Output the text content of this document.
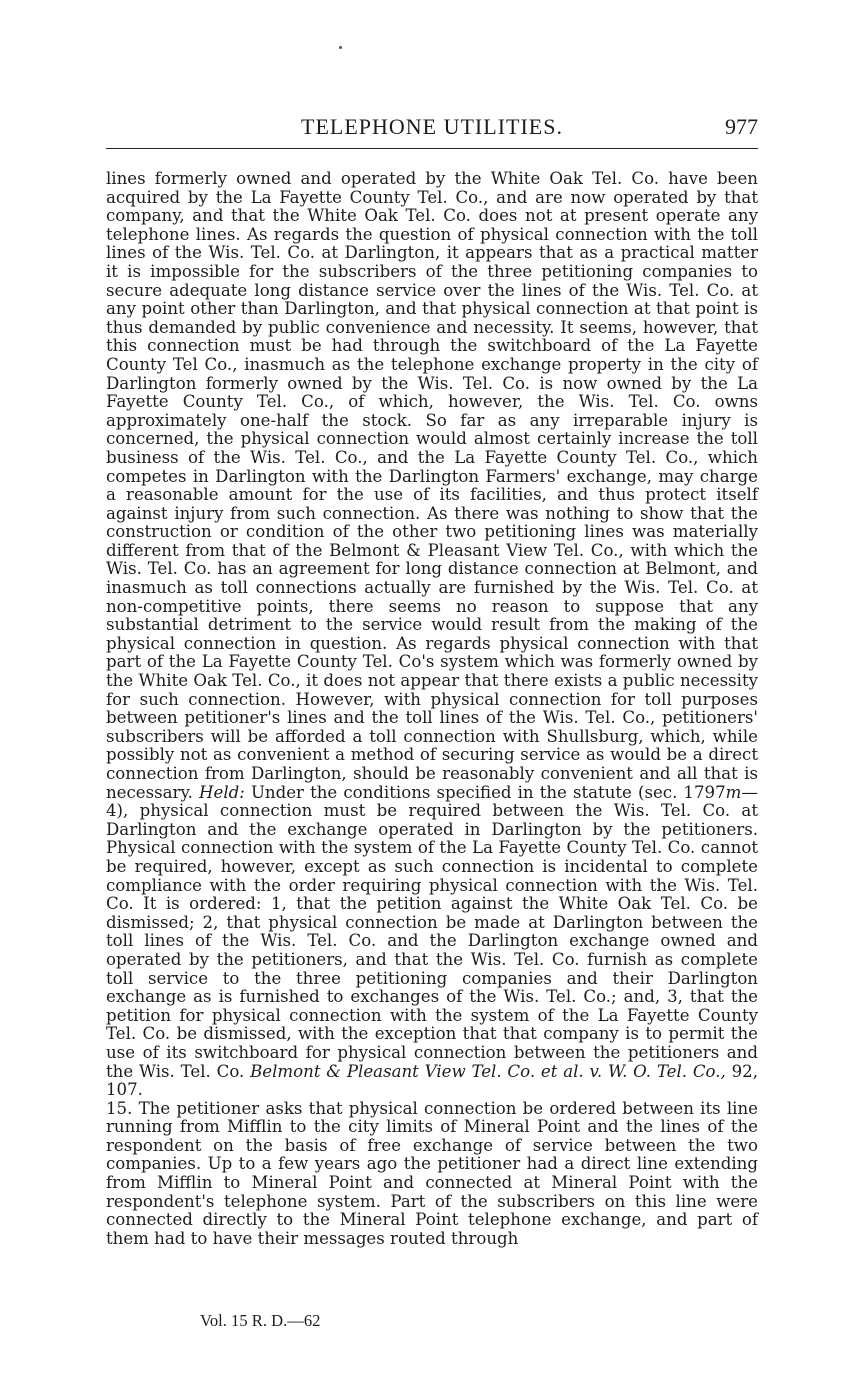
TELEPHONE UTILITIES.	977

lines formerly owned and operated by the White Oak Tel. Co. have been acquired by the La Fayette County Tel. Co., and are now operated by that company, and that the White Oak Tel. Co. does not at present operate any telephone lines. As regards the question of physical connection with the toll lines of the Wis. Tel. Co. at Darlington, it appears that as a practical matter it is impossible for the subscribers of the three petitioning companies to secure adequate long distance service over the lines of the Wis. Tel. Co. at any point other than Darlington, and that physical connection at that point is thus demanded by public convenience and necessity. It seems, however, that this connection must be had through the switchboard of the La Fayette County Tel Co., inasmuch as the telephone exchange property in the city of Darlington formerly owned by the Wis. Tel. Co. is now owned by the La Fayette County Tel. Co., of which, however, the Wis. Tel. Co. owns approximately one-half the stock. So far as any irreparable injury is concerned, the physical connection would almost certainly increase the toll business of the Wis. Tel. Co., and the La Fayette County Tel. Co., which competes in Darlington with the Darlington Farmers' exchange, may charge a reasonable amount for the use of its facilities, and thus protect itself against injury from such connection. As there was nothing to show that the construction or condition of the other two petitioning lines was materially different from that of the Belmont & Pleasant View Tel. Co., with which the Wis. Tel. Co. has an agreement for long distance connection at Belmont, and inasmuch as toll connections actually are furnished by the Wis. Tel. Co. at non-competitive points, there seems no reason to suppose that any substantial detriment to the service would result from the making of the physical connection in question. As regards physical connection with that part of the La Fayette County Tel. Co's system which was formerly owned by the White Oak Tel. Co., it does not appear that there exists a public necessity for such connection. However, with physical connection for toll purposes between petitioner's lines and the toll lines of the Wis. Tel. Co., petitioners' subscribers will be afforded a toll connection with Shullsburg, which, while possibly not as convenient a method of securing service as would be a direct connection from Darlington, should be reasonably convenient and all that is necessary. Held: Under the conditions specified in the statute (sec. 1797m—4), physical connection must be required between the Wis. Tel. Co. at Darlington and the exchange operated in Darlington by the petitioners. Physical connection with the system of the La Fayette County Tel. Co. cannot be required, however, except as such connection is incidental to complete compliance with the order requiring physical connection with the Wis. Tel. Co. It is ordered: 1, that the petition against the White Oak Tel. Co. be dismissed; 2, that physical connection be made at Darlington between the toll lines of the Wis. Tel. Co. and the Darlington exchange owned and operated by the petitioners, and that the Wis. Tel. Co. furnish as complete toll service to the three petitioning companies and their Darlington exchange as is furnished to exchanges of the Wis. Tel. Co.; and, 3, that the petition for physical connection with the system of the La Fayette County Tel. Co. be dismissed, with the exception that that company is to permit the use of its switchboard for physical connection between the petitioners and the Wis. Tel. Co. Belmont & Pleasant View Tel. Co. et al. v. W. O. Tel. Co., 92, 107.

15. The petitioner asks that physical connection be ordered between its line running from Mifflin to the city limits of Mineral Point and the lines of the respondent on the basis of free exchange of service between the two companies. Up to a few years ago the petitioner had a direct line extending from Mifflin to Mineral Point and connected at Mineral Point with the respondent's telephone system. Part of the subscribers on this line were connected directly to the Mineral Point telephone exchange, and part of them had to have their messages routed through

Vol. 15 R. D.—62
